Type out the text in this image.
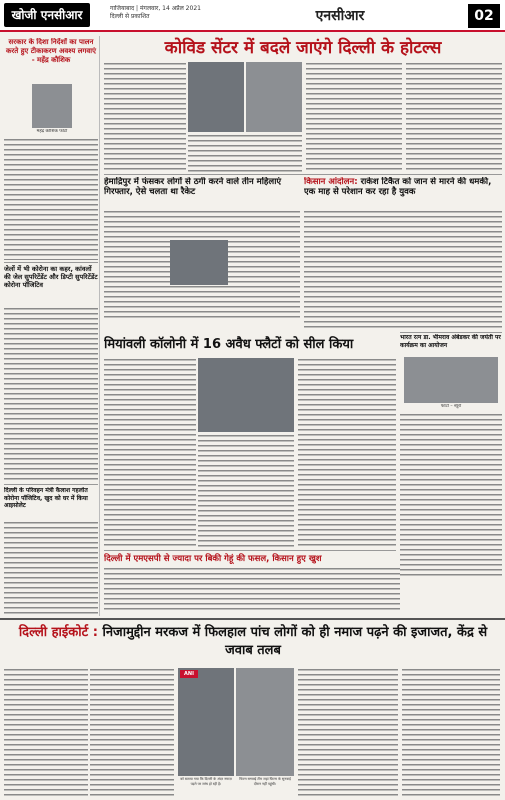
खोजी एनसीआर	गाजियाबाद | मंगलवार, 14 अप्रैल 2021
दिल्ली से प्रकाशित	एनसीआर	02
सरकार के दिशा निर्देशों का पालन करते हुए टीकाकरण अवश्य लगवाएं - महेंद्र कौशिक
महेंद्र कौशिक फोटो
जेलों में भी कोरोना का कहर, कांवलों की जेल सुपरिटेंडेंट और डिप्टी सुपरिटेंडेंट कोरोना पॉजिटिव
दिल्ली के परिवहन मंत्री कैलाश गहलोत कोरोना पॉजिटिव, खुद को घर में किया आइसोलेट
कोविड सेंटर में बदले जाएंगे दिल्ली के होटल्स
हेमाद्रिपुर में फंसकर लोगों से ठगी करने वाले तीन महिलाएं गिरफ्तार, ऐसे चलता था रैकेट
किसान आंदोलन: राकेश टिकैत को जान से मारने की धमकी, एक माह से परेशान कर रहा है युवक
भारत रत्न डा. भीमराव अंबेडकर की जयंती पर कार्यक्रम का आयोजन
फोटो – ब्यूरो
मियांवली कॉलोनी में 16 अवैध फ्लैटों को सील किया
दिल्ली में एमएसपी से ज्यादा पर बिकी गेहूं की फसल, किसान हुए खुश
दिल्ली हाईकोर्ट : निजामुद्दीन मरकज में फिलहाल पांच लोगों को ही नमाज पढ़ने की इजाजत, केंद्र से जवाब तलब
ANI
को बताया गया कि दिल्ली के अंदर नमाज़ पढ़ने पर जांच हो रही है।
फिल्म सच्चाई टीम जहां फिल्म के सुनवाई दौरान नहीं पहुंची।
